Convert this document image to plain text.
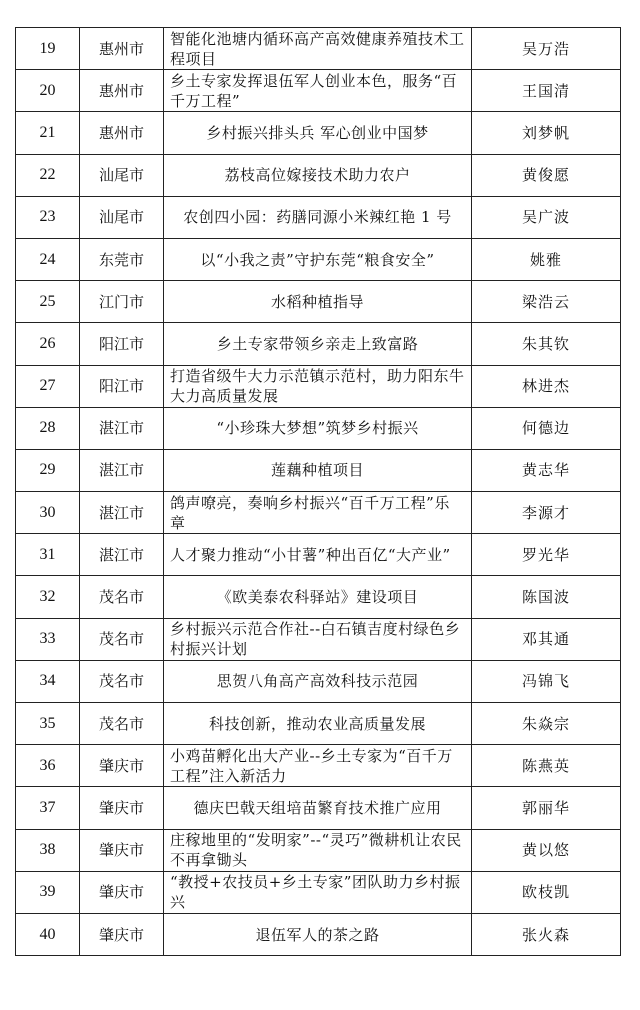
19	惠州市	智能化池塘内循环高产高效健康养殖技术工程项目	吴万浩
20	惠州市	乡土专家发挥退伍军人创业本色，服务“百千万工程”	王国清
21	惠州市	乡村振兴排头兵 军心创业中国梦	刘梦帆
22	汕尾市	荔枝高位嫁接技术助力农户	黄俊愿
23	汕尾市	农创四小园：药膳同源小米辣红艳 1 号	吴广波
24	东莞市	以“小我之责”守护东莞“粮食安全”	姚雅
25	江门市	水稻种植指导	梁浩云
26	阳江市	乡土专家带领乡亲走上致富路	朱其钦
27	阳江市	打造省级牛大力示范镇示范村，助力阳东牛大力高质量发展	林进杰
28	湛江市	“小珍珠大梦想”筑梦乡村振兴	何德边
29	湛江市	莲藕种植项目	黄志华
30	湛江市	鸽声嘹亮，奏响乡村振兴“百千万工程”乐章	李源才
31	湛江市	人才聚力推动“小甘薯”种出百亿“大产业”	罗光华
32	茂名市	《欧美泰农科驿站》建设项目	陈国波
33	茂名市	乡村振兴示范合作社--白石镇吉度村绿色乡村振兴计划	邓其通
34	茂名市	思贺八角高产高效科技示范园	冯锦飞
35	茂名市	科技创新，推动农业高质量发展	朱焱宗
36	肇庆市	小鸡苗孵化出大产业--乡土专家为“百千万工程”注入新活力	陈燕英
37	肇庆市	德庆巴戟天组培苗繁育技术推广应用	郭丽华
38	肇庆市	庄稼地里的“发明家”--“灵巧”微耕机让农民不再拿锄头	黄以悠
39	肇庆市	“教授+农技员+乡土专家”团队助力乡村振兴	欧枝凯
40	肇庆市	退伍军人的茶之路	张火森
